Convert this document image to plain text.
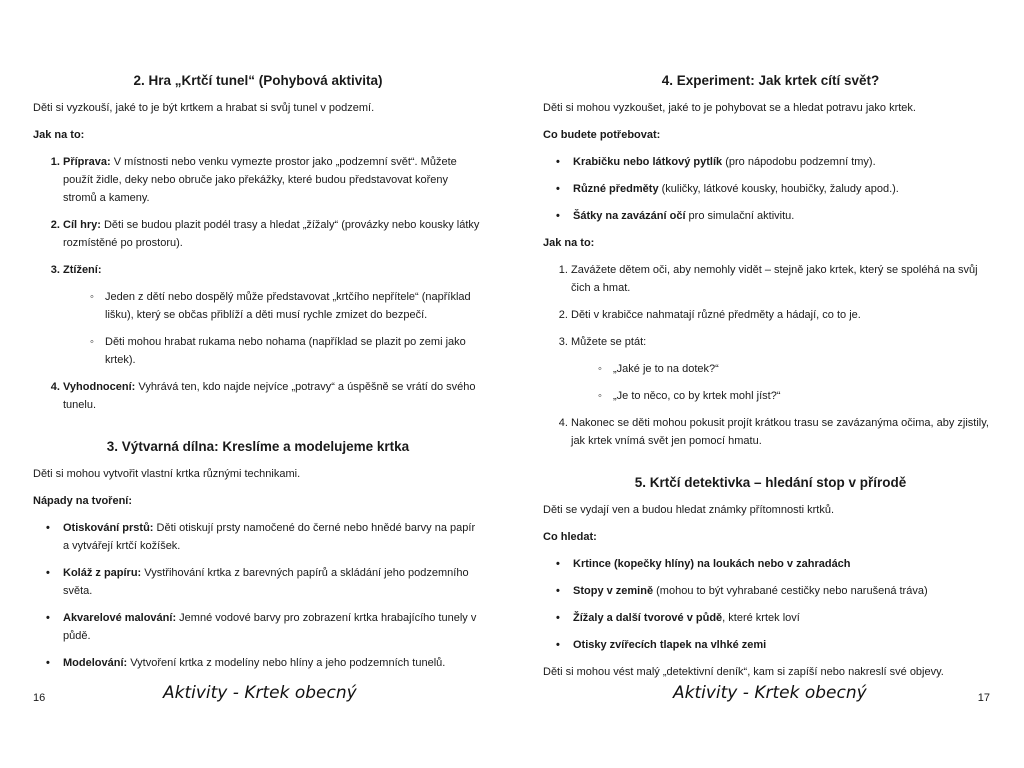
2. Hra „Krtčí tunel“ (Pohybová aktivita)
Děti si vyzkouší, jaké to je být krtkem a hrabat si svůj tunel v podzemí.
Jak na to:
1. Příprava: V místnosti nebo venku vymezte prostor jako „podzemní svět“. Můžete použít židle, deky nebo obruče jako překážky, které budou představovat kořeny stromů a kameny.
2. Cíl hry: Děti se budou plazit podél trasy a hledat „žížaly“ (provázky nebo kousky látky rozmístěné po prostoru).
3. Ztížení:
◦ Jeden z dětí nebo dospělý může představovat „krtčího nepřítele“ (například lišku), který se občas přiblíží a děti musí rychle zmizet do bezpečí.
◦ Děti mohou hrabat rukama nebo nohama (například se plazit po zemi jako krtek).
4. Vyhodnocení: Vyhrává ten, kdo najde nejvíce „potravy“ a úspěšně se vrátí do svého tunelu.
3. Výtvarná dílna: Kreslíme a modelujeme krtka
Děti si mohou vytvořit vlastní krtka různými technikami.
Nápady na tvoření:
• Otiskování prstů: Děti otiskují prsty namočené do černé nebo hnědé barvy na papír a vytvářejí krtčí kožíšek.
• Koláž z papíru: Vystřihování krtka z barevných papírů a skládání jeho podzemního světa.
• Akvarelové malování: Jemné vodové barvy pro zobrazení krtka hrabajícího tunely v půdě.
• Modelování: Vytvoření krtka z modelíny nebo hlíny a jeho podzemních tunelů.
16	Aktivity - Krtek obecný
4. Experiment: Jak krtek cítí svět?
Děti si mohou vyzkoušet, jaké to je pohybovat se a hledat potravu jako krtek.
Co budete potřebovat:
• Krabičku nebo látkový pytlík (pro nápodobu podzemní tmy).
• Různé předměty (kuličky, látkové kousky, houbičky, žaludy apod.).
• Šátky na zavázání očí pro simulační aktivitu.
Jak na to:
1. Zavážete dětem oči, aby nemohly vidět – stejně jako krtek, který se spoléhá na svůj čich a hmat.
2. Děti v krabičce nahmatají různé předměty a hádají, co to je.
3. Můžete se ptát:
◦ „Jaké je to na dotek?“
◦ „Je to něco, co by krtek mohl jíst?“
4. Nakonec se děti mohou pokusit projít krátkou trasu se zavázanýma očima, aby zjistily, jak krtek vnímá svět jen pomocí hmatu.
5. Krtčí detektivka – hledání stop v přírodě
Děti se vydají ven a budou hledat známky přítomnosti krtků.
Co hledat:
• Krtince (kopečky hlíny) na loukách nebo v zahradách
• Stopy v zemině (mohou to být vyhrabané cestičky nebo narušená tráva)
• Žížaly a další tvorové v půdě, které krtek loví
• Otisky zvířecích tlapek na vlhké zemi
Děti si mohou vést malý „detektivní deník“, kam si zapíší nebo nakreslí své objevy.
Aktivity - Krtek obecný	17
